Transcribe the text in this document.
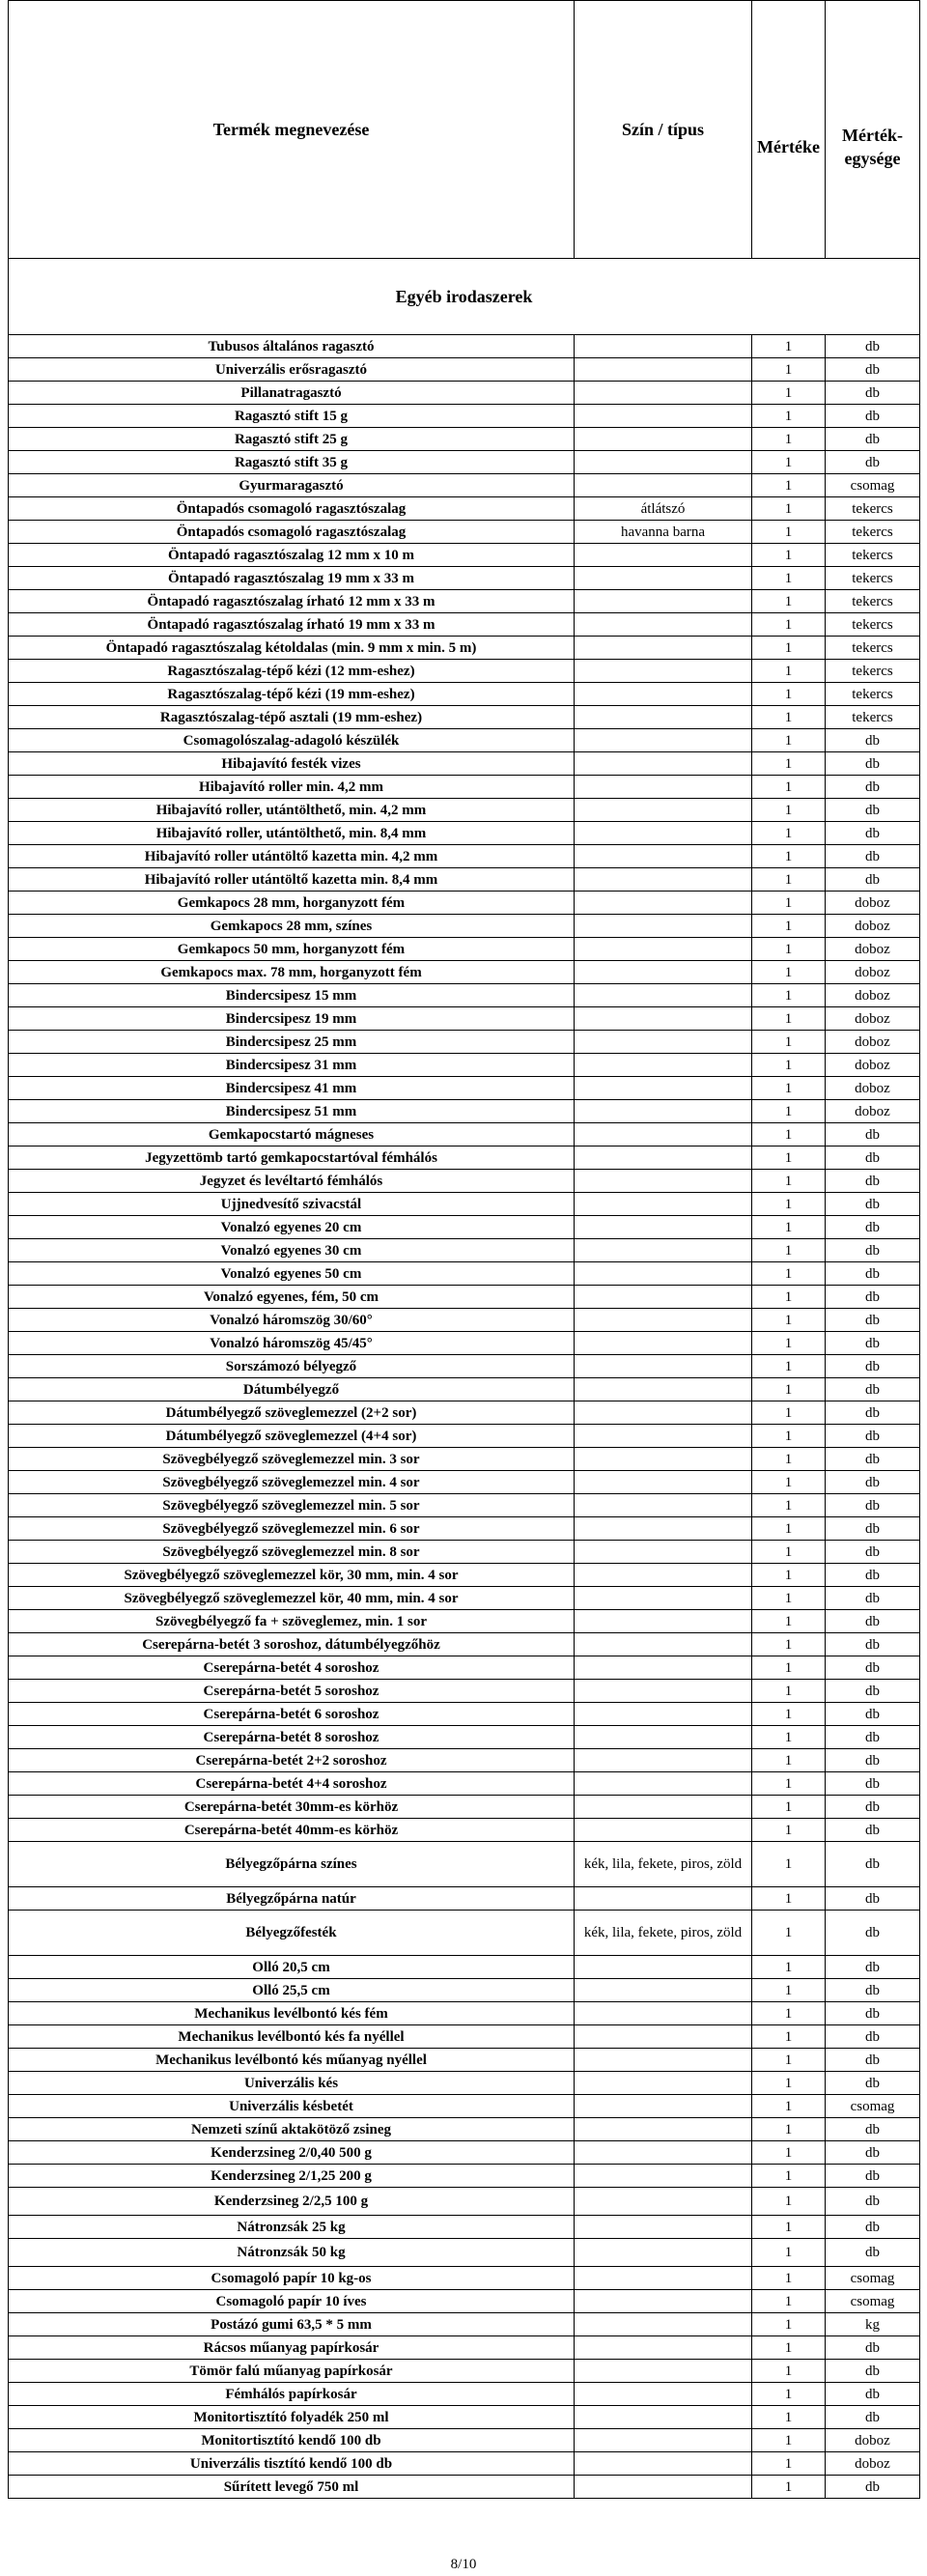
Termék megnevezése	Szín / típus	Mértéke	Mérték-egysége

Egyéb irodaszerek			
Tubusos általános ragasztó		1	db
Univerzális erősragasztó		1	db
Pillanatragasztó		1	db
Ragasztó stift 15 g		1	db
Ragasztó stift 25 g		1	db
Ragasztó stift 35 g		1	db
Gyurmaragasztó		1	csomag
Öntapadós csomagoló ragasztószalag	átlátszó	1	tekercs
Öntapadós csomagoló ragasztószalag	havanna barna	1	tekercs
Öntapadó ragasztószalag 12 mm x 10 m		1	tekercs
Öntapadó ragasztószalag 19 mm x 33 m		1	tekercs
Öntapadó ragasztószalag írható 12 mm x 33 m		1	tekercs
Öntapadó ragasztószalag írható 19 mm x 33 m		1	tekercs
Öntapadó ragasztószalag kétoldalas (min. 9 mm x min. 5 m)		1	tekercs
Ragasztószalag-tépő kézi (12 mm-eshez)		1	tekercs
Ragasztószalag-tépő kézi (19 mm-eshez)		1	tekercs
Ragasztószalag-tépő asztali (19 mm-eshez)		1	tekercs
Csomagolószalag-adagoló készülék		1	db
Hibajavító festék vizes		1	db
Hibajavító roller min. 4,2 mm		1	db
Hibajavító roller, utántölthető, min. 4,2 mm		1	db
Hibajavító roller, utántölthető, min. 8,4 mm		1	db
Hibajavító roller utántöltő kazetta min. 4,2 mm		1	db
Hibajavító roller utántöltő kazetta min. 8,4 mm		1	db
Gemkapocs 28 mm, horganyzott fém		1	doboz
Gemkapocs 28 mm, színes		1	doboz
Gemkapocs 50 mm, horganyzott fém		1	doboz
Gemkapocs max. 78 mm, horganyzott fém		1	doboz
Bindercsipesz 15 mm		1	doboz
Bindercsipesz 19 mm		1	doboz
Bindercsipesz 25 mm		1	doboz
Bindercsipesz 31 mm		1	doboz
Bindercsipesz 41 mm		1	doboz
Bindercsipesz 51 mm		1	doboz
Gemkapocstartó mágneses		1	db
Jegyzettömb tartó gemkapocstartóval fémhálós		1	db
Jegyzet és levéltartó fémhálós		1	db
Ujjnedvesítő szivacstál		1	db
Vonalzó egyenes 20 cm		1	db
Vonalzó egyenes 30 cm		1	db
Vonalzó egyenes 50 cm		1	db
Vonalzó egyenes, fém, 50 cm		1	db
Vonalzó háromszög 30/60°		1	db
Vonalzó háromszög 45/45°		1	db
Sorszámozó bélyegző		1	db
Dátumbélyegző		1	db
Dátumbélyegző szöveglemezzel (2+2 sor)		1	db
Dátumbélyegző szöveglemezzel (4+4 sor)		1	db
Szövegbélyegző szöveglemezzel min. 3 sor		1	db
Szövegbélyegző szöveglemezzel min. 4 sor		1	db
Szövegbélyegző szöveglemezzel min. 5 sor		1	db
Szövegbélyegző szöveglemezzel min. 6 sor		1	db
Szövegbélyegző szöveglemezzel min. 8 sor		1	db
Szövegbélyegző szöveglemezzel kör, 30 mm, min. 4 sor		1	db
Szövegbélyegző szöveglemezzel kör, 40 mm, min. 4 sor		1	db
Szövegbélyegző fa + szöveglemez, min. 1 sor		1	db
Cserepárna-betét 3 soroshoz, dátumbélyegzőhöz		1	db
Cserepárna-betét 4 soroshoz		1	db
Cserepárna-betét 5 soroshoz		1	db
Cserepárna-betét 6 soroshoz		1	db
Cserepárna-betét 8 soroshoz		1	db
Cserepárna-betét 2+2 soroshoz		1	db
Cserepárna-betét 4+4 soroshoz		1	db
Cserepárna-betét 30mm-es körhöz		1	db
Cserepárna-betét 40mm-es körhöz		1	db
Bélyegzőpárna színes	kék, lila, fekete, piros, zöld	1	db
Bélyegzőpárna natúr		1	db
Bélyegzőfesték	kék, lila, fekete, piros, zöld	1	db
Olló 20,5 cm		1	db
Olló 25,5 cm		1	db
Mechanikus levélbontó kés fém		1	db
Mechanikus levélbontó kés fa nyéllel		1	db
Mechanikus levélbontó kés műanyag nyéllel		1	db
Univerzális kés		1	db
Univerzális késbetét		1	csomag
Nemzeti színű aktakötöző zsineg		1	db
Kenderzsineg 2/0,40 500 g		1	db
Kenderzsineg 2/1,25 200 g		1	db
Kenderzsineg 2/2,5 100 g		1	db
Nátronzsák 25 kg		1	db
Nátronzsák 50 kg		1	db
Csomagoló papír 10 kg-os		1	csomag
Csomagoló papír 10 íves		1	csomag
Postázó gumi 63,5 * 5 mm		1	kg
Rácsos műanyag papírkosár		1	db
Tömör falú műanyag papírkosár		1	db
Fémhálós papírkosár		1	db
Monitortisztító folyadék 250 ml		1	db
Monitortisztító kendő 100 db		1	doboz
Univerzális tisztító kendő 100 db		1	doboz
Sűrített levegő 750 ml		1	db
8/10
